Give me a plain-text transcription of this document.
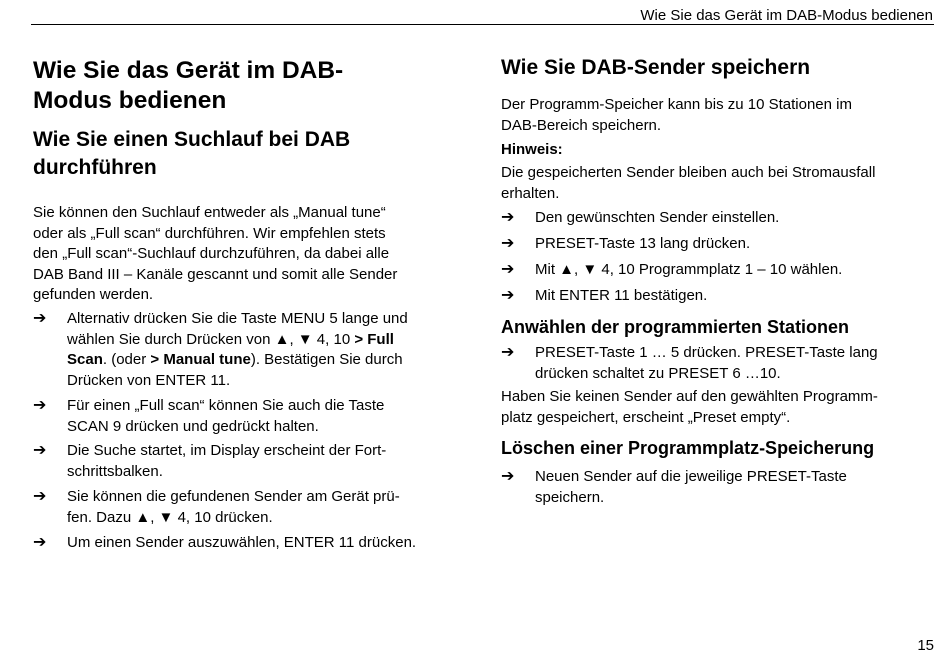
Wie Sie das Gerät im DAB-Modus bedienen
Wie Sie das Gerät im DAB-
Modus bedienen
Wie Sie einen Suchlauf bei DAB
durchführen
Sie können den Suchlauf entweder als „Manual tune“
oder als „Full scan“ durchführen. Wir empfehlen stets
den „Full scan“-Suchlauf durchzuführen, da dabei alle
DAB Band III – Kanäle gescannt und somit alle Sender
gefunden werden.
➔	Alternativ drücken Sie die Taste MENU 5 lange und
wählen Sie durch Drücken von ▲, ▼ 4, 10 > Full
Scan. (oder > Manual tune). Bestätigen Sie durch
Drücken von ENTER 11.
➔	Für einen „Full scan“ können Sie auch die Taste
SCAN 9 drücken und gedrückt halten.
➔	Die Suche startet, im Display erscheint der Fort-
schrittsbalken.
➔	Sie können die gefundenen Sender am Gerät prü-
fen. Dazu ▲, ▼ 4, 10 drücken.
➔	Um einen Sender auszuwählen, ENTER 11 drücken.
Wie Sie DAB-Sender speichern
Der Programm-Speicher kann bis zu 10 Stationen im
DAB-Bereich speichern.
Hinweis:
Die gespeicherten Sender bleiben auch bei Stromausfall
erhalten.
➔	Den gewünschten Sender einstellen.
➔	PRESET-Taste 13 lang drücken.
➔	Mit ▲, ▼ 4, 10 Programmplatz 1 – 10 wählen.
➔	Mit ENTER 11 bestätigen.
Anwählen der programmierten Stationen
➔	PRESET-Taste 1 … 5 drücken. PRESET-Taste lang
drücken schaltet zu PRESET 6 …10.
Haben Sie keinen Sender auf den gewählten Programm-
platz gespeichert, erscheint „Preset empty“.
Löschen einer Programmplatz-Speicherung
➔	Neuen Sender auf die jeweilige PRESET-Taste
speichern.
15
